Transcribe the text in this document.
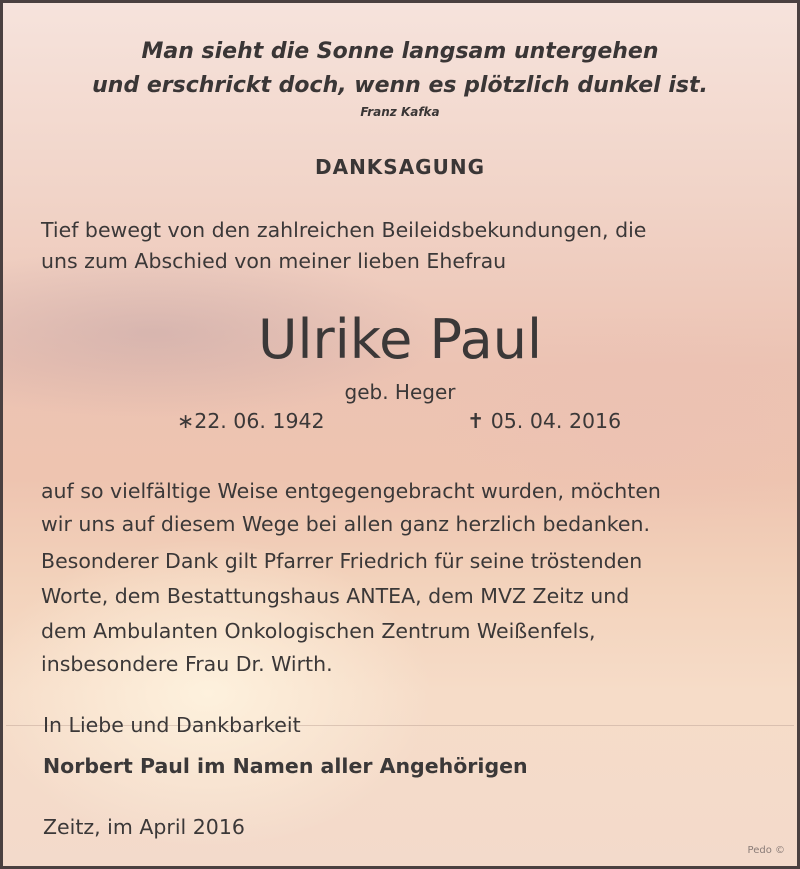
Man sieht die Sonne langsam untergehen

und erschrickt doch, wenn es plötzlich dunkel ist.

Franz Kafka

DANKSAGUNG

Tief bewegt von den zahlreichen Beileidsbekundungen, die

uns zum Abschied von meiner lieben Ehefrau

Ulrike Paul

geb. Heger

∗22. 06. 1942	✝ 05. 04. 2016

auf so vielfältige Weise entgegengebracht wurden, möchten

wir uns auf diesem Wege bei allen ganz herzlich bedanken.

Besonderer Dank gilt Pfarrer Friedrich für seine tröstenden

Worte, dem Bestattungshaus ANTEA, dem MVZ Zeitz und

dem Ambulanten Onkologischen Zentrum Weißenfels,

insbesondere Frau Dr. Wirth.

In Liebe und Dankbarkeit

Norbert Paul im Namen aller Angehörigen

Zeitz, im April 2016

Pedo ©
